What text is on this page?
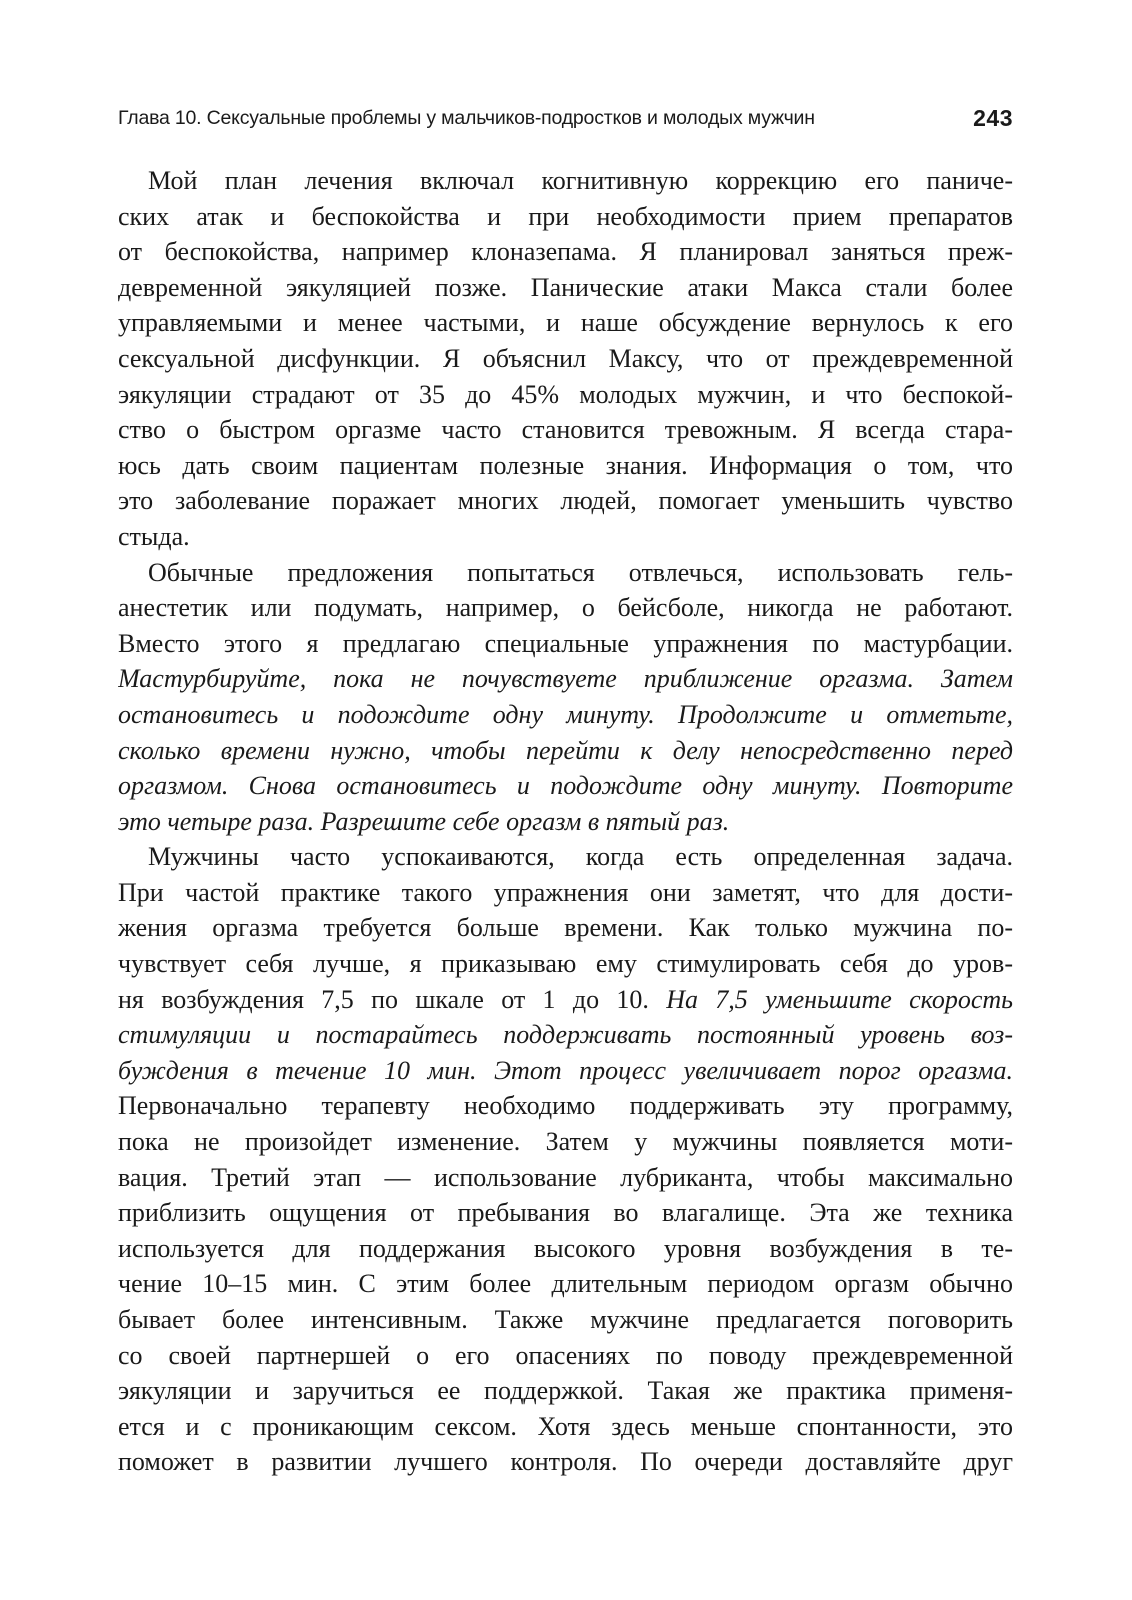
Глава 10. Сексуальные проблемы у мальчиков-подростков и молодых мужчин	243
Мой план лечения включал когнитивную коррекцию его паниче-
ских атак и беспокойства и при необходимости прием препаратов
от беспокойства, например клоназепама. Я планировал заняться преж-
девременной эякуляцией позже. Панические атаки Макса стали более
управляемыми и менее частыми, и наше обсуждение вернулось к его
сексуальной дисфункции. Я объяснил Максу, что от преждевременной
эякуляции страдают от 35 до 45% молодых мужчин, и что беспокой-
ство о быстром оргазме часто становится тревожным. Я всегда стара-
юсь дать своим пациентам полезные знания. Информация о том, что
это заболевание поражает многих людей, помогает уменьшить чувство
стыда.
Обычные предложения попытаться отвлечься, использовать гель-
анестетик или подумать, например, о бейсболе, никогда не работают.
Вместо этого я предлагаю специальные упражнения по мастурбации.
Мастурбируйте, пока не почувствуете приближение оргазма. Затем
остановитесь и подождите одну минуту. Продолжите и отметьте,
сколько времени нужно, чтобы перейти к делу непосредственно перед
оргазмом. Снова остановитесь и подождите одну минуту. Повторите
это четыре раза. Разрешите себе оргазм в пятый раз.
Мужчины часто успокаиваются, когда есть определенная задача.
При частой практике такого упражнения они заметят, что для дости-
жения оргазма требуется больше времени. Как только мужчина по-
чувствует себя лучше, я приказываю ему стимулировать себя до уров-
ня возбуждения 7,5 по шкале от 1 до 10. На 7,5 уменьшите скорость
стимуляции и постарайтесь поддерживать постоянный уровень воз-
буждения в течение 10 мин. Этот процесс увеличивает порог оргазма.
Первоначально терапевту необходимо поддерживать эту программу,
пока не произойдет изменение. Затем у мужчины появляется моти-
вация. Третий этап — использование лубриканта, чтобы максимально
приблизить ощущения от пребывания во влагалище. Эта же техника
используется для поддержания высокого уровня возбуждения в те-
чение 10–15 мин. С этим более длительным периодом оргазм обычно
бывает более интенсивным. Также мужчине предлагается поговорить
со своей партнершей о его опасениях по поводу преждевременной
эякуляции и заручиться ее поддержкой. Такая же практика применя-
ется и с проникающим сексом. Хотя здесь меньше спонтанности, это
поможет в развитии лучшего контроля. По очереди доставляйте друг
